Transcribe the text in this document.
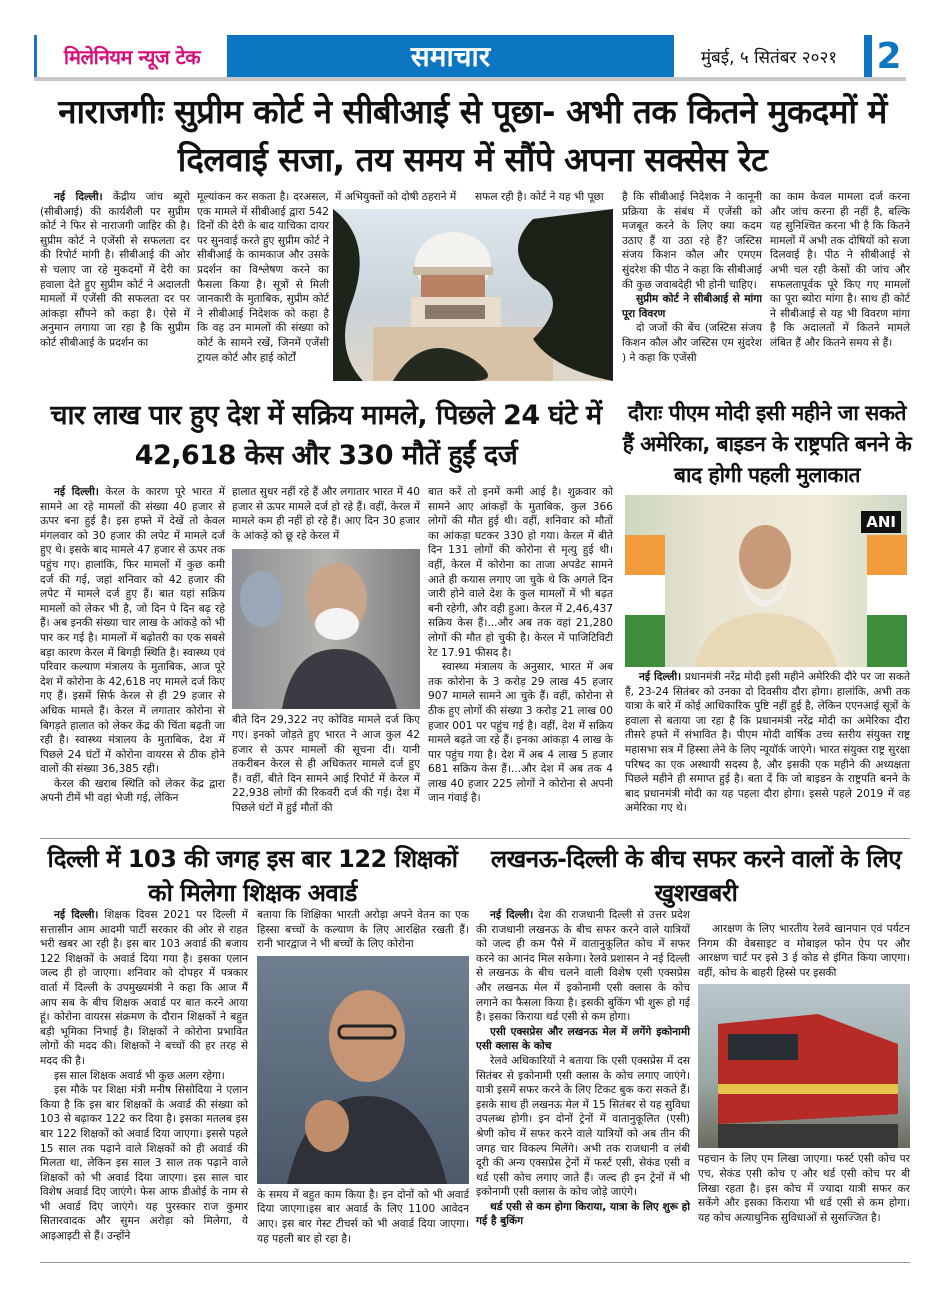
मिलेनियम न्यूज टेक	समाचार	मुंबई, ५ सितंबर २०२१	2
नाराजगीः सुप्रीम कोर्ट ने सीबीआई से पूछा- अभी तक कितने मुकदमों में दिलवाई सजा, तय समय में सौंपे अपना सक्सेस रेट

नई दिल्ली। केंद्रीय जांच ब्यूरो (सीबीआई) की कार्यशैली पर सुप्रीम कोर्ट ने फिर से नाराजगी जाहिर की है। सुप्रीम कोर्ट ने एजेंसी से सफलता दर की रिपोर्ट मांगी है। सीबीआई की ओर से चलाए जा रहे मुकदमों में देरी का हवाला देते हुए सुप्रीम कोर्ट ने अदालती मामलों में एजेंसी की सफलता दर पर आंकड़ा सौंपने को कहा है। ऐसे में अनुमान लगाया जा रहा है कि सुप्रीम कोर्ट सीबीआई के प्रदर्शन का

मूल्यांकन कर सकता है। दरअसल, एक मामले में सीबीआई द्वारा 542 दिनों की देरी के बाद याचिका दायर पर सुनवाई करते हुए सुप्रीम कोर्ट ने सीबीआई के कामकाज और उसके प्रदर्शन का विश्लेषण करने का फैसला किया है। सूत्रों से मिली जानकारी के मुताबिक, सुप्रीम कोर्ट ने सीबीआई निदेशक को कहा है कि वह उन मामलों की संख्या को कोर्ट के सामने रखें, जिनमें एजेंसी ट्रायल कोर्ट और हाई कोर्टों
में अभियुक्तों को दोषी ठहराने में	सफल रही है। कोर्ट ने यह भी पूछा	है कि सीबीआई निदेशक ने कानूनी प्रक्रिया के संबंध में एजेंसी को मजबूत करने के लिए क्या कदम उठाए हैं या उठा रहे हैं? जस्टिस संजय किशन कौल और एमएम सुंदरेश की पीठ ने कहा कि सीबीआई की कुछ जवाबदेही भी होनी चाहिए।
सुप्रीम कोर्ट ने सीबीआई से मांगा पूरा विवरण

दो जजों की बेंच (जस्टिस संजय किशन कौल और जस्टिस एम सुंदरेश ) ने कहा कि एजेंसी

का काम केवल मामला दर्ज करना और जांच करना ही नहीं है, बल्कि यह सुनिश्चित करना भी है कि कितने मामलों में अभी तक दोषियों को सजा दिलवाई है। पीठ ने सीबीआई से अभी चल रही केसों की जांच और सफलतापूर्वक पूरे किए गए मामलों का पूरा ब्योरा मांगा है। साथ ही कोर्ट ने सीबीआई से यह भी विवरण मांगा है कि अदालतों में कितने मामले लंबित हैं और कितने समय से हैं।
चार लाख पार हुए देश में सक्रिय मामले, पिछले 24 घंटे में 42,618 केस और 330 मौतें हुईं दर्ज

नई दिल्ली। केरल के कारण पूरे भारत में सामने आ रहे मामलों की संख्या 40 हजार से ऊपर बना हुई है। इस हफ्ते में देखें तो केवल मंगलवार को 30 हजार की लपेट में मामले दर्ज हुए थे। इसके बाद मामले 47 हजार से ऊपर तक पहुंच गए। हालांकि, फिर मामलों में कुछ कमी दर्ज की गई, जहां शनिवार को 42 हजार की लपेट में मामले दर्ज हुए हैं। बात यहां सक्रिय मामलों को लेकर भी है, जो दिन पे दिन बढ़ रहे हैं। अब इनकी संख्या चार लाख के आंकड़े को भी पार कर गई है। मामलों में बढ़ोतरी का एक सबसे बड़ा कारण केरल में बिगड़ी स्थिति है। स्वास्थ्य एवं परिवार कल्याण मंत्रालय के मुताबिक, आज पूरे देश में कोरोना के 42,618 नए मामले दर्ज किए गए हैं। इसमें सिर्फ केरल से ही 29 हजार से अधिक मामले हैं। केरल में लगातार कोरोना से बिगड़ते हालात को लेकर केंद्र की चिंता बढ़ती जा रही है। स्वास्थ्य मंत्रालय के मुताबिक, देश में पिछले 24 घंटों में कोरोना वायरस से ठीक होने वालों की संख्या 36,385 रही।

केरल की खराब स्थिति को लेकर केंद्र द्वारा अपनी टीमें भी वहां भेजी गई, लेकिन

हालात सुधर नहीं रहे हैं और लगातार भारत में 40 हजार से ऊपर मामले दर्ज हो रहे हैं। वहीं, केरल में मामले कम ही नहीं हो रहे हैं। आए दिन 30 हजार के आंकड़े को छू रहे केरल में
बीते दिन 29,322 नए कोविड मामले दर्ज किए गए। इनको जोड़ते हुए भारत ने आज कुल 42 हजार से ऊपर मामलों की सूचना दी। यानी तकरीबन केरल से ही अधिकतर मामले दर्ज हुए हैं। वहीं, बीते दिन सामने आई रिपोर्ट में केरल में 22,938 लोगों की रिकवरी दर्ज की गई। देश में पिछले घंटों में हुई मौतों की
बात करें तो इनमें कमी आई है। शुक्रवार को सामने आए आंकड़ों के मुताबिक, कुल 366 लोगों की मौत हुई थी। वहीं, शनिवार को मौतों का आंकड़ा घटकर 330 हो गया। केरल में बीते दिन 131 लोगों की कोरोना से मृत्यु हुई थी। वहीं, केरल में कोरोना का ताजा अपडेट सामने आते ही कयास लगाए जा चुके थे कि अगले दिन जारी होने वाले देश के कुल मामलों में भी बढ़त बनी रहेगी, और वही हुआ। केरल में 2,46,437 सक्रिय केस हैं।...और अब तक वहां 21,280 लोगों की मौत हो चुकी है। केरल में पाजिटिविटी रेट 17.91 फीसद है।

स्वास्थ्य मंत्रालय के अनुसार, भारत में अब तक कोरोना के 3 करोड़ 29 लाख 45 हजार 907 मामले सामने आ चुके हैं। वहीं, कोरोना से ठीक हुए लोगों की संख्या 3 करोड़ 21 लाख 00 हजार 001 पर पहुंच गई है। वहीं, देश में सक्रिय मामले बढ़ते जा रहे हैं। इनका आंकड़ा 4 लाख के पार पहुंच गया है। देश में अब 4 लाख 5 हजार 681 सक्रिय केस हैं।...और देश में अब तक 4 लाख 40 हजार 225 लोगों ने कोरोना से अपनी जान गंवाई है।

दौराः पीएम मोदी इसी महीने जा सकते हैं अमेरिका, बाइडन के राष्ट्रपति बनने के बाद होगी पहली मुलाकात
ANI

नई दिल्ली। प्रधानमंत्री नरेंद्र मोदी इसी महीने अमेरिकी दौरे पर जा सकते हैं, 23-24 सितंबर को उनका दो दिवसीय दौरा होगा। हालांकि, अभी तक यात्रा के बारे में कोई आधिकारिक पुष्टि नहीं हुई है, लेकिन एएनआई सूत्रों के हवाला से बताया जा रहा है कि प्रधानमंत्री नरेंद्र मोदी का अमेरिका दौरा तीसरे हफ्ते में संभावित है। पीएम मोदी वार्षिक उच्च स्तरीय संयुक्त राष्ट्र महासभा सत्र में हिस्सा लेने के लिए न्यूयॉर्क जाएंगे। भारत संयुक्त राष्ट्र सुरक्षा परिषद का एक अस्थायी सदस्य है, और इसकी एक महीने की अध्यक्षता पिछले महीने ही समाप्त हुई है। बता दें कि जो बाइडन के राष्ट्रपति बनने के बाद प्रधानमंत्री मोदी का यह पहला दौरा होगा। इससे पहले 2019 में वह अमेरिका गए थे।

दिल्ली में 103 की जगह इस बार 122 शिक्षकों को मिलेगा शिक्षक अवार्ड

नई दिल्ली। शिक्षक दिवस 2021 पर दिल्ली में सत्तासीन आम आदमी पार्टी सरकार की ओर से राहत भरी खबर आ रही है। इस बार 103 अवार्ड की बजाय 122 शिक्षकों के अवार्ड दिया गया है। इसका एलान जल्द ही हो जाएगा। शनिवार को दोपहर में पत्रकार वार्ता में दिल्ली के उपमुख्यमंत्री ने कहा कि आज मैं आप सब के बीच शिक्षक अवार्ड पर बात करने आया हूं। कोरोना वायरस संक्रमण के दौरान शिक्षकों ने बहुत बड़ी भूमिका निभाई है। शिक्षकों ने कोरोना प्रभावित लोगों की मदद की। शिक्षकों ने बच्चों की हर तरह से मदद की है।

इस साल शिक्षक अवार्ड भी कुछ अलग रहेगा।

इस मौके पर शिक्षा मंत्री मनीष सिसोदिया ने एलान किया है कि इस बार शिक्षकों के अवार्ड की संख्या को 103 से बढ़ाकर 122 कर दिया है। इसका मतलब इस बार 122 शिक्षकों को अवार्ड दिया जाएगा। इससे पहले 15 साल तक पढ़ाने वाले शिक्षकों को ही अवार्ड की मिलता था, लेकिन इस साल 3 साल तक पढ़ाने वाले शिक्षकों को भी अवार्ड दिया जाएगा। इस साल चार विशेष अवार्ड दिए जाएंगे। फेस आफ डीओई के नाम से भी अवार्ड दिए जाएंगे। यह पुरस्कार राज कुमार सितारवादक और सुमन अरोड़ा को मिलेगा, ये आइआइटी से हैं। उन्होंने

बताया कि शिक्षिका भारती अरोड़ा अपने वेतन का एक हिस्सा बच्चों के कल्याण के लिए आरक्षित रखती हैं। रानी भारद्वाज ने भी बच्चों के लिए कोरोना
के समय में बहुत काम किया है। इन दोनों को भी अवार्ड दिया जाएगा।इस बार अवार्ड के लिए 1100 आवेदन आए। इस बार गेस्ट टीचर्स को भी अवार्ड दिया जाएगा। यह पहली बार हो रहा है।
लखनऊ-दिल्ली के बीच सफर करने वालों के लिए खुशखबरी

नई दिल्ली। देश की राजधानी दिल्ली से उत्तर प्रदेश की राजधानी लखनऊ के बीच सफर करने वाले यात्रियों को जल्द ही कम पैसे में वातानुकूलित कोच में सफर करने का आनंद मिल सकेगा। रेलवे प्रशासन ने नई दिल्ली से लखनऊ के बीच चलने वाली विशेष एसी एक्सप्रेस और लखनऊ मेल में इकोनामी एसी क्लास के कोच लगाने का फैसला किया है। इसकी बुकिंग भी शुरू हो गई है। इसका किराया थर्ड एसी से कम होगा।

एसी एक्सप्रेस और लखनऊ मेल में लगेंगे इकोनामी एसी क्लास के कोच

रेलवे अधिकारियों ने बताया कि एसी एक्सप्रेस में दस सितंबर से इकोनामी एसी क्लास के कोच लगाए जाएंगे। यात्री इसमें सफर करने के लिए टिकट बुक करा सकते हैं। इसके साथ ही लखनऊ मेल में 15 सितंबर से यह सुविधा उपलब्ध होगी। इन दोनों ट्रेनों में वातानुकूलित (एसी) श्रेणी कोच में सफर करने वाले यात्रियों को अब तीन की जगह चार विकल्प मिलेंगे। अभी तक राजधानी व लंबी दूरी की अन्य एक्सप्रेस ट्रेनों में फर्स्ट एसी, सेकंड एसी व थर्ड एसी कोच लगाए जाते हैं। जल्द ही इन ट्रेनों में भी इकोनामी एसी क्लास के कोच जोड़े जाएंगे।

थर्ड एसी से कम होगा किराया, यात्रा के लिए शुरू हो गई है बुकिंग

आरक्षण के लिए भारतीय रेलवे खानपान एवं पर्यटन निगम की वेबसाइट व मोबाइल फोन ऐप पर और आरक्षण चार्ट पर इसे 3 ई कोड से इंगित किया जाएगा। वहीं, कोच के बाहरी हिस्से पर इसकी

पहचान के लिए एम लिखा जाएगा। फर्स्ट एसी कोच पर एच, सेकंड एसी कोच ए और थर्ड एसी कोच पर बी लिखा रहता है। इस कोच में ज्यादा यात्री सफर कर सकेंगे और इसका किराया भी थर्ड एसी से कम होगा। यह कोच अत्याधुनिक सुविधाओं से सुसज्जित है।
